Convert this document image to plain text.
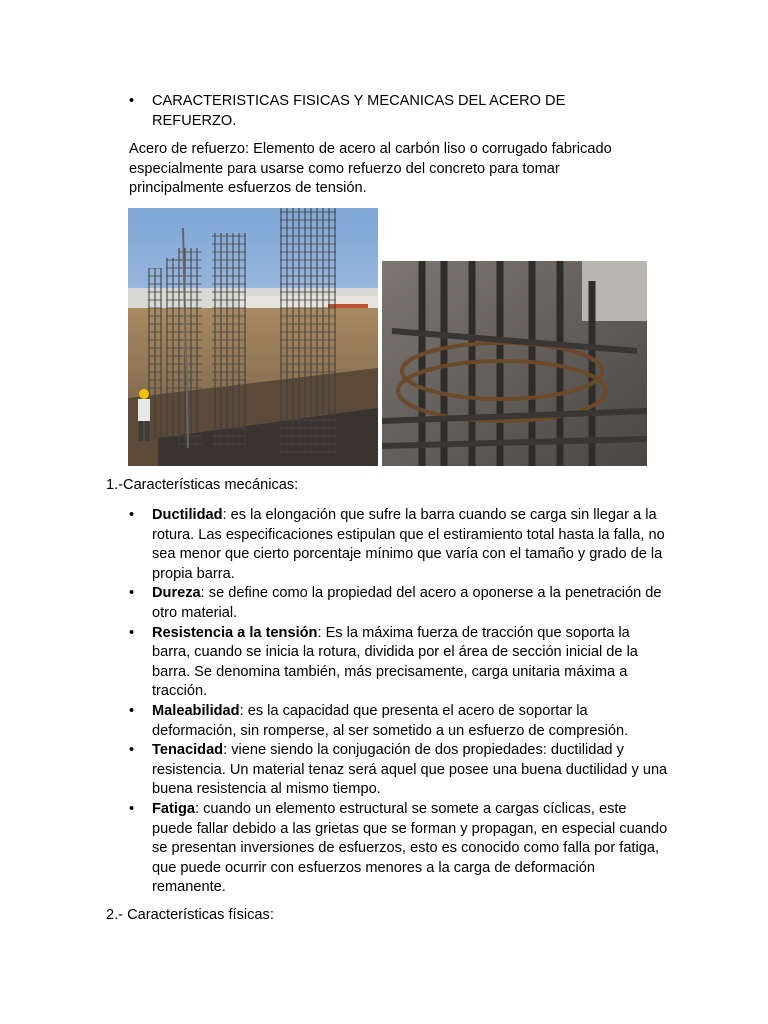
•	CARACTERISTICAS FISICAS Y MECANICAS DEL ACERO DE REFUERZO.

Acero de refuerzo: Elemento de acero al carbón liso o corrugado fabricado especialmente para usarse como refuerzo del concreto para tomar principalmente esfuerzos de tensión.

1.-Características mecánicas:
• Ductilidad: es la elongación que sufre la barra cuando se carga sin llegar a la rotura. Las especificaciones estipulan que el estiramiento total hasta la falla, no sea menor que cierto porcentaje mínimo que varía con el tamaño y grado de la propia barra.
• Dureza: se define como la propiedad del acero a oponerse a la penetración de otro material.
• Resistencia a la tensión: Es la máxima fuerza de tracción que soporta la barra, cuando se inicia la rotura, dividida por el área de sección inicial de la barra. Se denomina también, más precisamente, carga unitaria máxima a tracción.
• Maleabilidad: es la capacidad que presenta el acero de soportar la deformación, sin romperse, al ser sometido a un esfuerzo de compresión.
• Tenacidad: viene siendo la conjugación de dos propiedades: ductilidad y resistencia. Un material tenaz será aquel que posee una buena ductilidad y una buena resistencia al mismo tiempo.
• Fatiga: cuando un elemento estructural se somete a cargas cíclicas, este puede fallar debido a las grietas que se forman y propagan, en especial cuando se presentan inversiones de esfuerzos, esto es conocido como falla por fatiga, que puede ocurrir con esfuerzos menores a la carga de deformación remanente.
2.- Características físicas:
